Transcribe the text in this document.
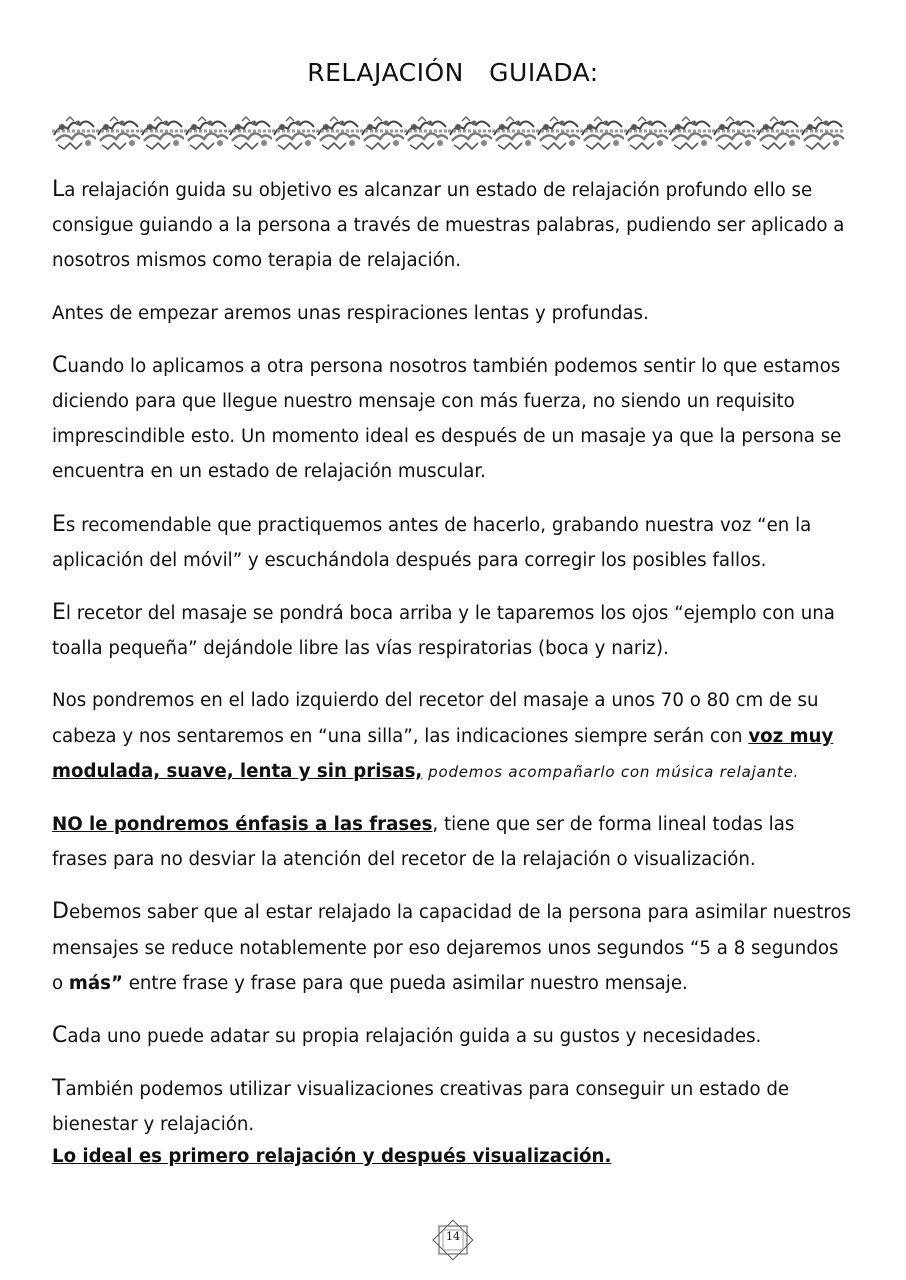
RELAJACIÓN   GUIADA:

La relajación guida su objetivo es alcanzar un estado de relajación profundo ello se consigue guiando a la persona a través de muestras palabras, pudiendo ser aplicado a nosotros mismos como terapia de relajación.

Antes de empezar aremos unas respiraciones lentas y profundas.

Cuando lo aplicamos a otra persona nosotros también podemos sentir lo que estamos diciendo para que llegue nuestro mensaje con más fuerza, no siendo un requisito imprescindible esto. Un momento ideal es después de un masaje ya que la persona se encuentra en un estado de relajación muscular.

Es recomendable que practiquemos antes de hacerlo, grabando nuestra voz “en la aplicación del móvil” y escuchándola después para corregir los posibles fallos.

El recetor del masaje se pondrá boca arriba y le taparemos los ojos “ejemplo con una toalla pequeña” dejándole libre las vías respiratorias (boca y nariz).

Nos pondremos en el lado izquierdo del recetor del masaje a unos 70 o 80 cm de su cabeza y nos sentaremos en “una silla”, las indicaciones siempre serán con voz muy modulada, suave, lenta y sin prisas, podemos acompañarlo con música relajante.

NO le pondremos énfasis a las frases, tiene que ser de forma lineal todas las frases para no desviar la atención del recetor de la relajación o visualización.

Debemos saber que al estar relajado la capacidad de la persona para asimilar nuestros mensajes se reduce notablemente por eso dejaremos unos segundos “5 a 8 segundos o más” entre frase y frase para que pueda asimilar nuestro mensaje.

Cada uno puede adatar su propia relajación guida a su gustos y necesidades.

También podemos utilizar visualizaciones creativas para conseguir un estado de bienestar y relajación.

Lo ideal es primero relajación y después visualización.

14
